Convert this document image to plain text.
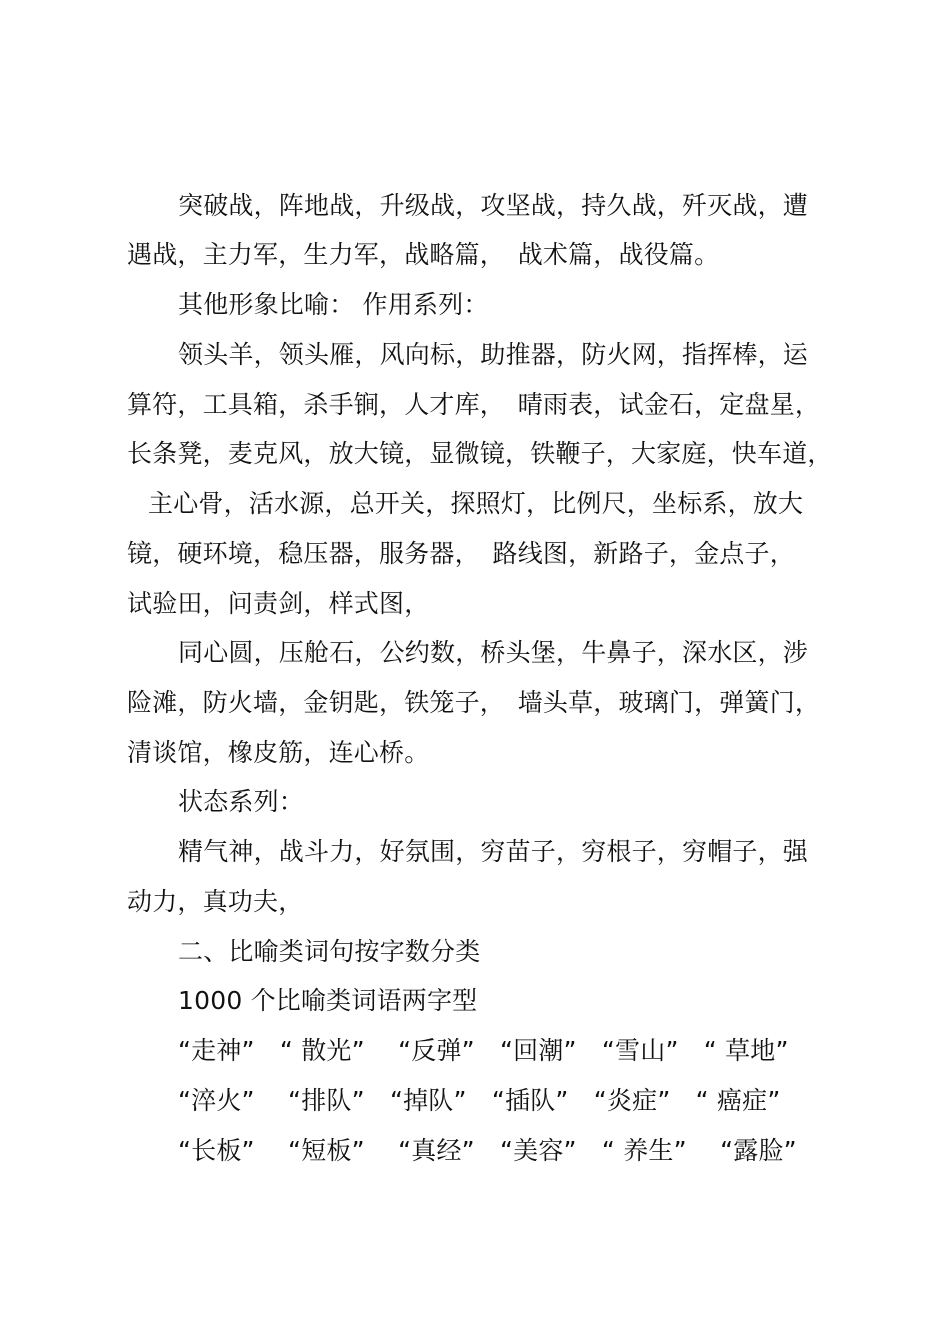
突破战，阵地战，升级战，攻坚战，持久战，歼灭战，遭
遇战，主力军，生力军，战略篇，　战术篇，战役篇。
其他形象比喻： 作用系列：
领头羊，领头雁，风向标，助推器，防火网，指挥棒，运
算符，工具箱，杀手锏，人才库，　晴雨表，试金石，定盘星，
长条凳，麦克风，放大镜，显微镜，铁鞭子，大家庭，快车道，
主心骨，活水源，总开关，探照灯，比例尺，坐标系，放大
镜，硬环境，稳压器，服务器，　路线图，新路子，金点子，
试验田，问责剑，样式图，
同心圆，压舱石，公约数，桥头堡，牛鼻子，深水区，涉
险滩，防火墙，金钥匙，铁笼子，　墙头草，玻璃门，弹簧门，
清谈馆，橡皮筋，连心桥。
状态系列：
精气神，战斗力，好氛围，穷苗子，穷根子，穷帽子，强
动力，真功夫，
二、比喻类词句按字数分类
1000 个比喻类词语两字型
“走神”　“ 散光”　 “反弹”　“回潮”　“雪山”　“ 草地”
“淬火”　 “排队”　“掉队”　“插队”　“炎症”　“ 癌症”
“长板”　 “短板”　 “真经”　“美容”　“ 养生”　 “露脸”
